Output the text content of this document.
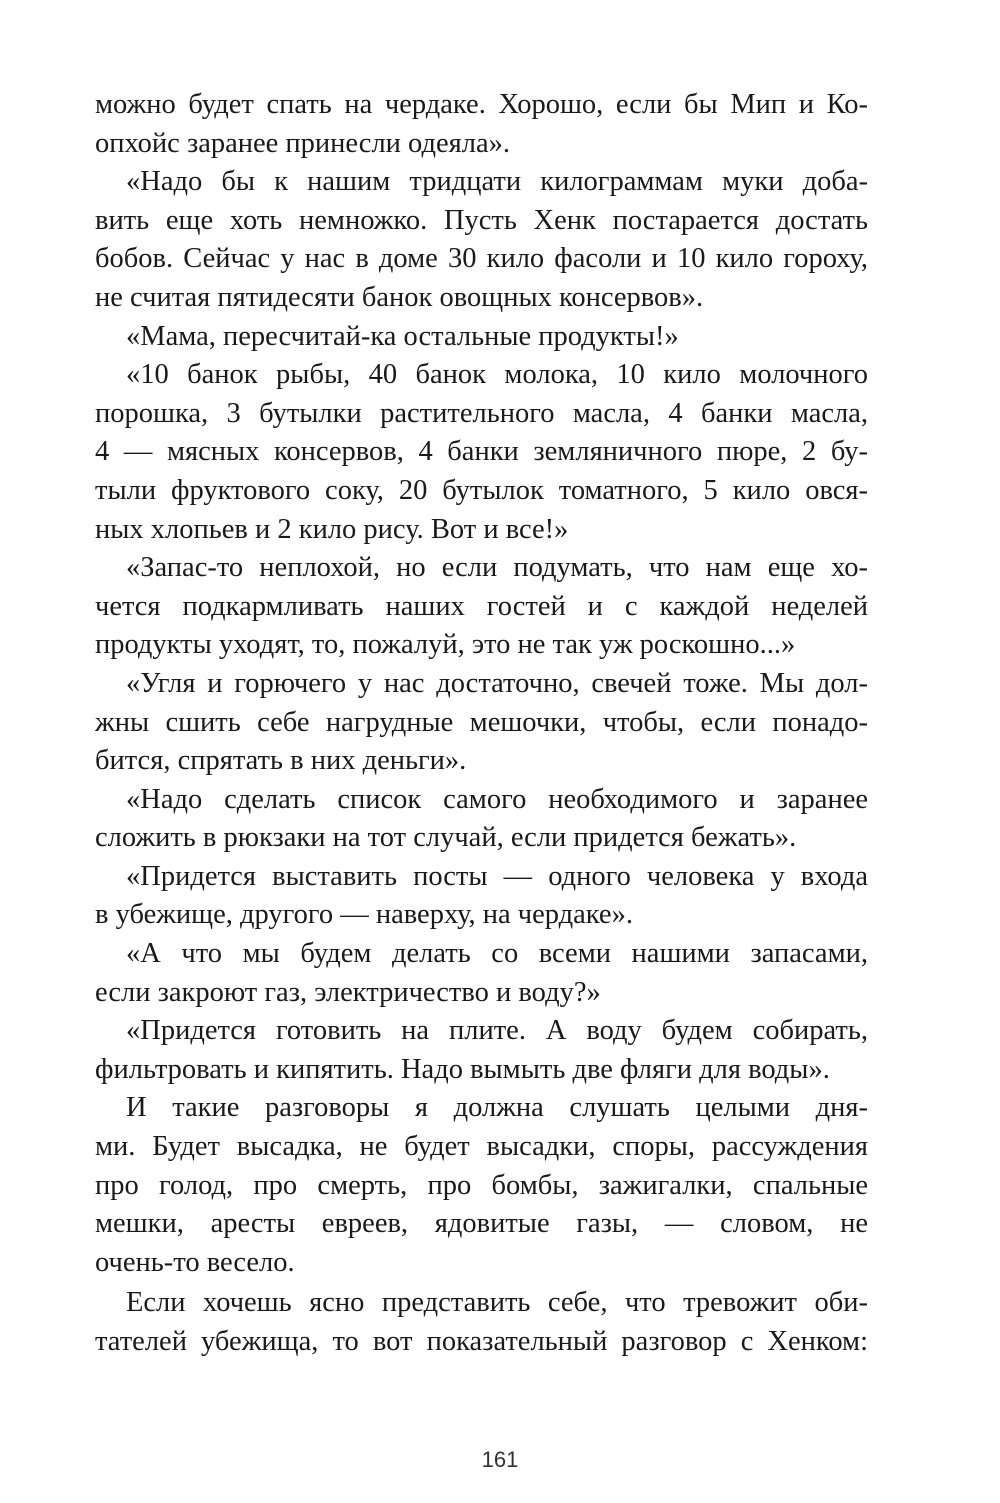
можно будет спать на чердаке. Хорошо, если бы Мип и Ко-
опхойс заранее принесли одеяла».
«Надо бы к нашим тридцати килограммам муки доба-
вить еще хоть немножко. Пусть Хенк постарается достать
бобов. Сейчас у нас в доме 30 кило фасоли и 10 кило гороху,
не считая пятидесяти банок овощных консервов».
«Мама, пересчитай-ка остальные продукты!»
«10 банок рыбы, 40 банок молока, 10 кило молочного
порошка, 3 бутылки растительного масла, 4 банки масла,
4 — мясных консервов, 4 банки земляничного пюре, 2 бу-
тыли фруктового соку, 20 бутылок томатного, 5 кило овся-
ных хлопьев и 2 кило рису. Вот и все!»
«Запас-то неплохой, но если подумать, что нам еще хо-
чется подкармливать наших гостей и с каждой неделей
продукты уходят, то, пожалуй, это не так уж роскошно...»
«Угля и горючего у нас достаточно, свечей тоже. Мы дол-
жны сшить себе нагрудные мешочки, чтобы, если понадо-
бится, спрятать в них деньги».
«Надо сделать список самого необходимого и заранее
сложить в рюкзаки на тот случай, если придется бежать».
«Придется выставить посты — одного человека у входа
в убежище, другого — наверху, на чердаке».
«А что мы будем делать со всеми нашими запасами,
если закроют газ, электричество и воду?»
«Придется готовить на плите. А воду будем собирать,
фильтровать и кипятить. Надо вымыть две фляги для воды».
И такие разговоры я должна слушать целыми дня-
ми. Будет высадка, не будет высадки, споры, рассуждения
про голод, про смерть, про бомбы, зажигалки, спальные
мешки, аресты евреев, ядовитые газы, — словом, не
очень-то весело.
Если хочешь ясно представить себе, что тревожит оби-
тателей убежища, то вот показательный разговор с Хенком:
161
